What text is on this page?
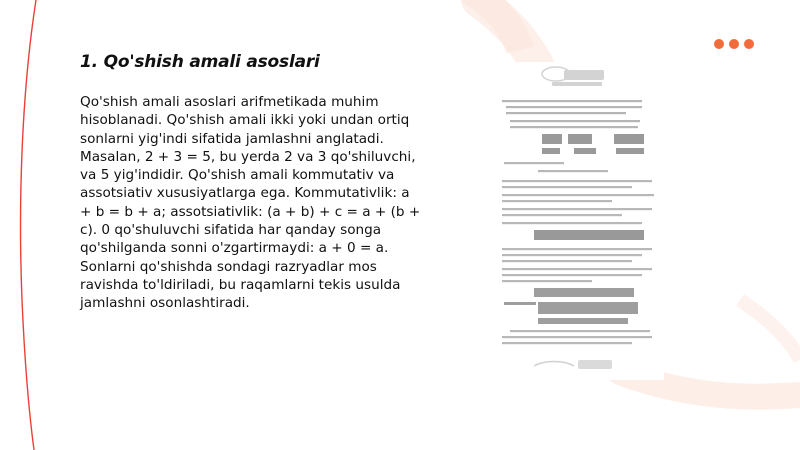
1. Qo'shish amali asoslari

Qo'shish amali asoslari arifmetikada muhim hisoblanadi. Qo'shish amali ikki yoki undan ortiq sonlarni yig'indi sifatida jamlashni anglatadi. Masalan, 2 + 3 = 5, bu yerda 2 va 3 qo'shiluvchi, va 5 yig'indidir. Qo'shish amali kommutativ va assotsiativ xususiyatlarga ega. Kommutativlik: a + b = b + a; assotsiativlik: (a + b) + c = a + (b + c). 0 qo'shuluvchi sifatida har qanday songa qo'shilganda sonni o'zgartirmaydi: a + 0 = a. Sonlarni qo'shishda sondagi razryadlar mos ravishda to'ldiriladi, bu raqamlarni tekis usulda jamlashni osonlashtiradi.
